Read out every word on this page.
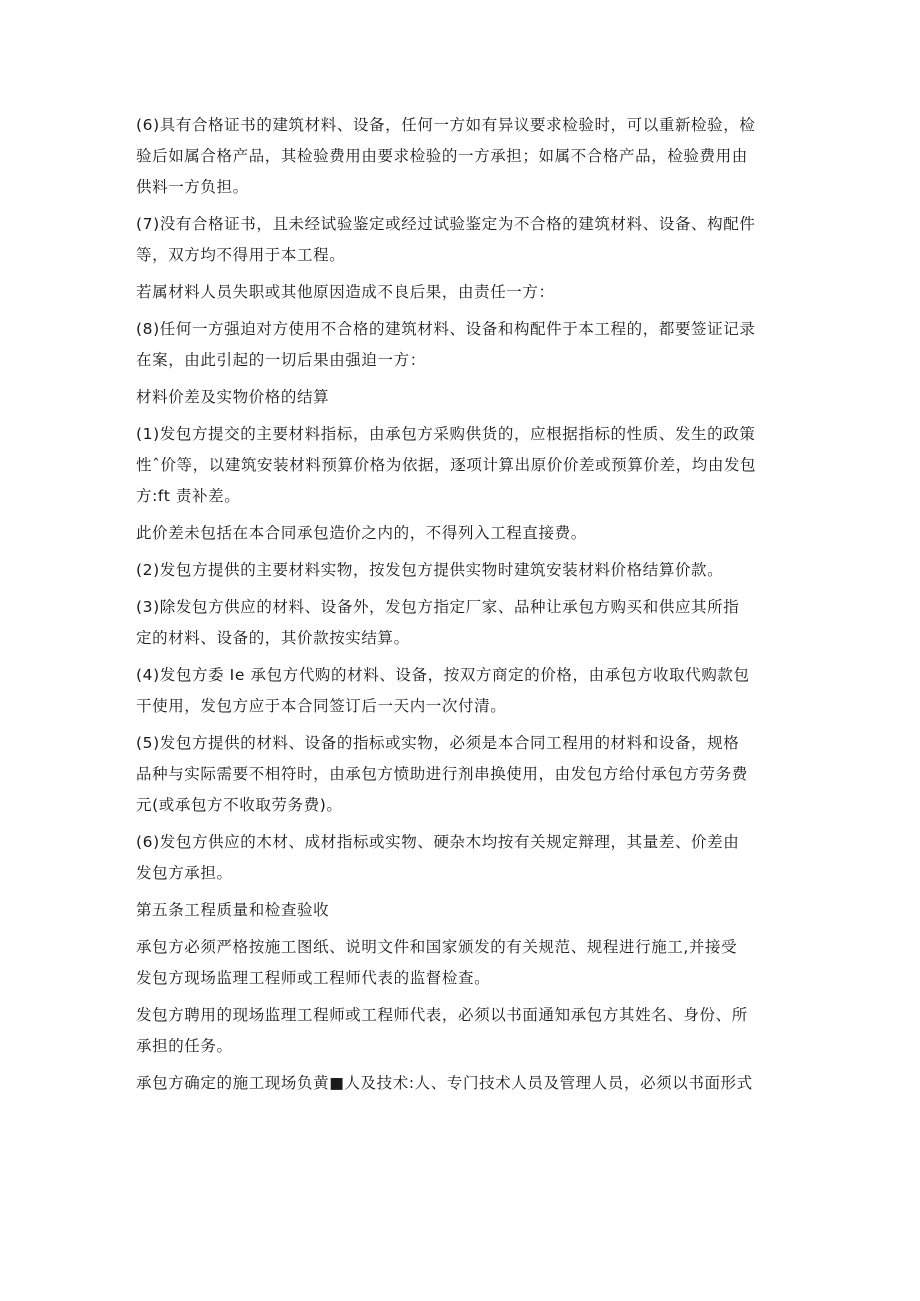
(6)具有合格证书的建筑材料、设备，任何一方如有异议要求检验时，可以重新检验，检
验后如属合格产品，其检验费用由要求检验的一方承担；如属不合格产品，检验费用由
供料一方负担。

(7)没有合格证书，且未经试验鉴定或经过试验鉴定为不合格的建筑材料、设备、构配件
等，双方均不得用于本工程。

若属材料人员失职或其他原因造成不良后果，由责任一方：

(8)任何一方强迫对方使用不合格的建筑材料、设备和构配件于本工程的，都要签证记录
在案，由此引起的一切后果由强迫一方：

材料价差及实物价格的结算

(1)发包方提交的主要材料指标，由承包方采购供货的，应根据指标的性质、发生的政策
性ˆ价等，以建筑安装材料预算价格为依据，逐项计算出原价价差或预算价差，均由发包
方:ft 责补差。

此价差未包括在本合同承包造价之内的，不得列入工程直接费。

(2)发包方提供的主要材料实物，按发包方提供实物时建筑安装材料价格结算价款。

(3)除发包方供应的材料、设备外，发包方指定厂家、品种让承包方购买和供应其所指
定的材料、设备的，其价款按实结算。

(4)发包方委 Ie 承包方代购的材料、设备，按双方商定的价格，由承包方收取代购款包
干使用，发包方应于本合同签订后一天内一次付清。

(5)发包方提供的材料、设备的指标或实物，必须是本合同工程用的材料和设备，规格
品种与实际需要不相符时，由承包方愤助进行剂串换使用，由发包方给付承包方劳务费
元(或承包方不收取劳务费)。

(6)发包方供应的木材、成材指标或实物、硬杂木均按有关规定辩理，其量差、价差由
发包方承担。

第五条工程质量和检查验收

承包方必须严格按施工图纸、说明文件和国家颁发的有关规范、规程进行施工,并接受
发包方现场监理工程师或工程师代表的监督检查。

发包方聘用的现场监理工程师或工程师代表，必须以书面通知承包方其姓名、身份、所
承担的任务。

承包方确定的施工现场负黄■人及技术:人、专门技术人员及管理人员，必须以书面形式
